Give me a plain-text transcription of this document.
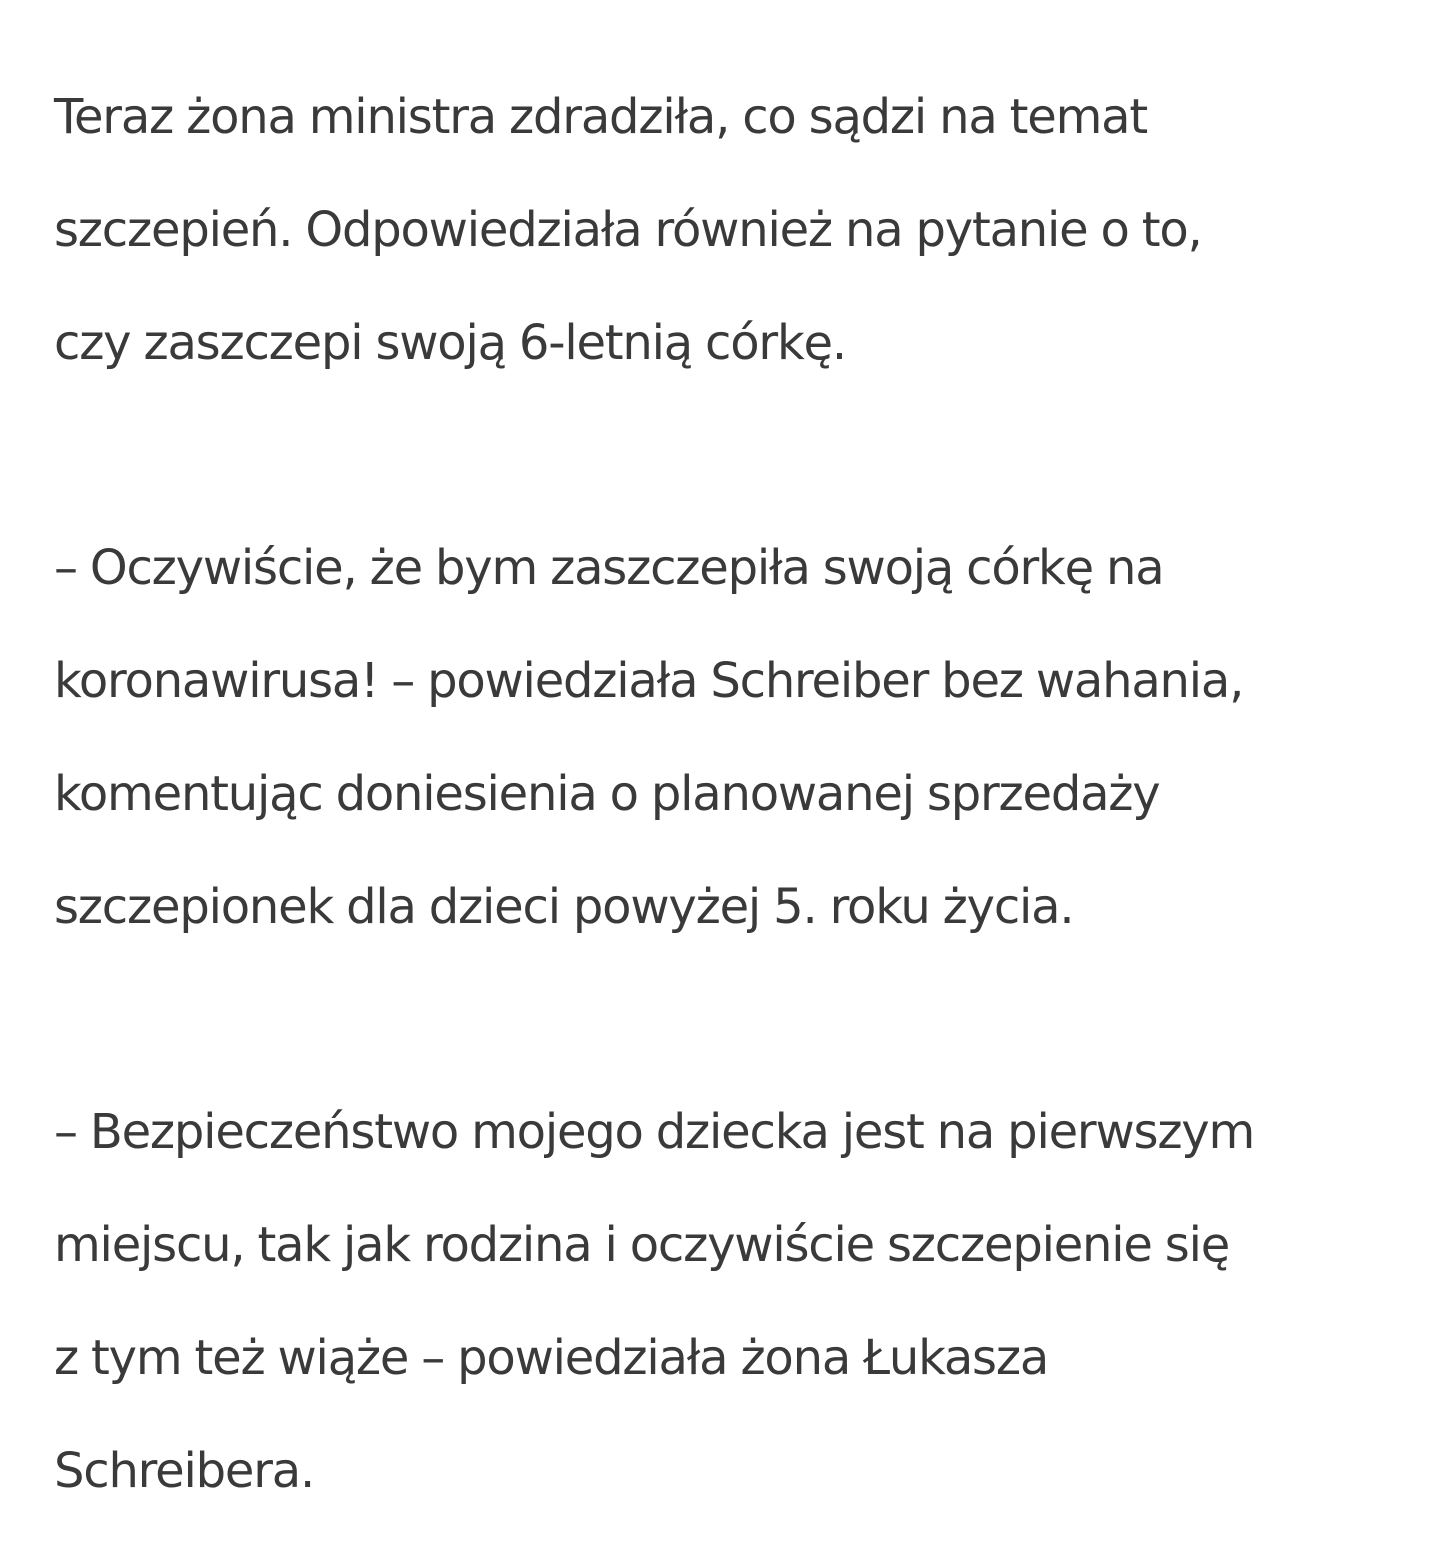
Teraz żona ministra zdradziła, co sądzi na temat
szczepień. Odpowiedziała również na pytanie o to,
czy zaszczepi swoją 6-letnią córkę.
– Oczywiście, że bym zaszczepiła swoją córkę na
koronawirusa! – powiedziała Schreiber bez wahania,
komentując doniesienia o planowanej sprzedaży
szczepionek dla dzieci powyżej 5. roku życia.
– Bezpieczeństwo mojego dziecka jest na pierwszym
miejscu, tak jak rodzina i oczywiście szczepienie się
z tym też wiąże – powiedziała żona Łukasza
Schreibera.
